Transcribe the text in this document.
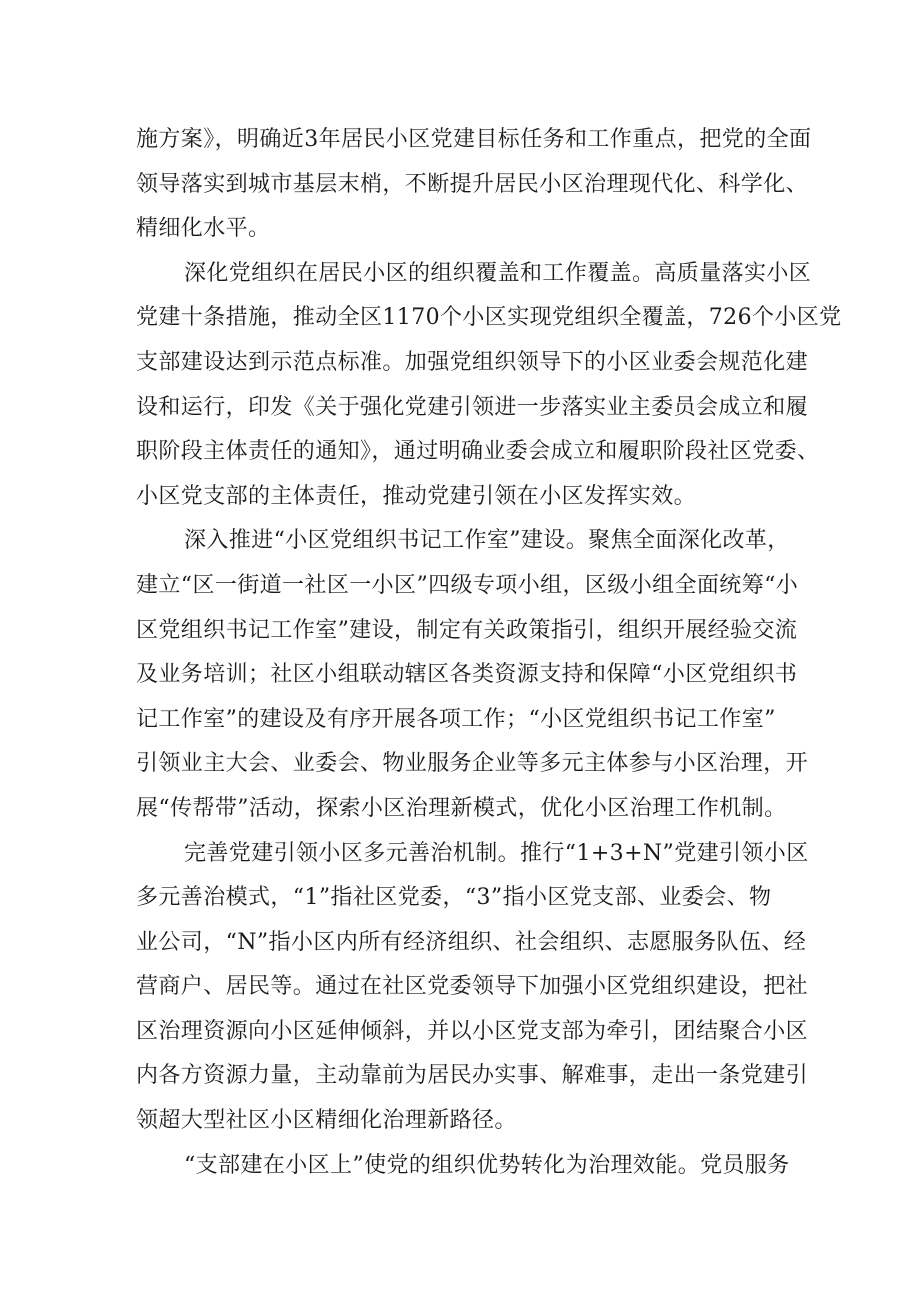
施方案》，明确近3年居民小区党建目标任务和工作重点，把党的全面
领导落实到城市基层末梢，不断提升居民小区治理现代化、科学化、
精细化水平。

深化党组织在居民小区的组织覆盖和工作覆盖。高质量落实小区
党建十条措施，推动全区1170个小区实现党组织全覆盖，726个小区党
支部建设达到示范点标准。加强党组织领导下的小区业委会规范化建
设和运行，印发《关于强化党建引领进一步落实业主委员会成立和履
职阶段主体责任的通知》，通过明确业委会成立和履职阶段社区党委、
小区党支部的主体责任，推动党建引领在小区发挥实效。

深入推进“小区党组织书记工作室”建设。聚焦全面深化改革，
建立“区一街道一社区一小区”四级专项小组，区级小组全面统筹“小
区党组织书记工作室”建设，制定有关政策指引，组织开展经验交流
及业务培训；社区小组联动辖区各类资源支持和保障“小区党组织书
记工作室”的建设及有序开展各项工作；“小区党组织书记工作室”
引领业主大会、业委会、物业服务企业等多元主体参与小区治理，开
展“传帮带”活动，探索小区治理新模式，优化小区治理工作机制。

完善党建引领小区多元善治机制。推行“1+3+N”党建引领小区
多元善治模式，“1”指社区党委，“3”指小区党支部、业委会、物
业公司，“N”指小区内所有经济组织、社会组织、志愿服务队伍、经
营商户、居民等。通过在社区党委领导下加强小区党组织建设，把社
区治理资源向小区延伸倾斜，并以小区党支部为牵引，团结聚合小区
内各方资源力量，主动靠前为居民办实事、解难事，走出一条党建引
领超大型社区小区精细化治理新路径。

“支部建在小区上”使党的组织优势转化为治理效能。党员服务
